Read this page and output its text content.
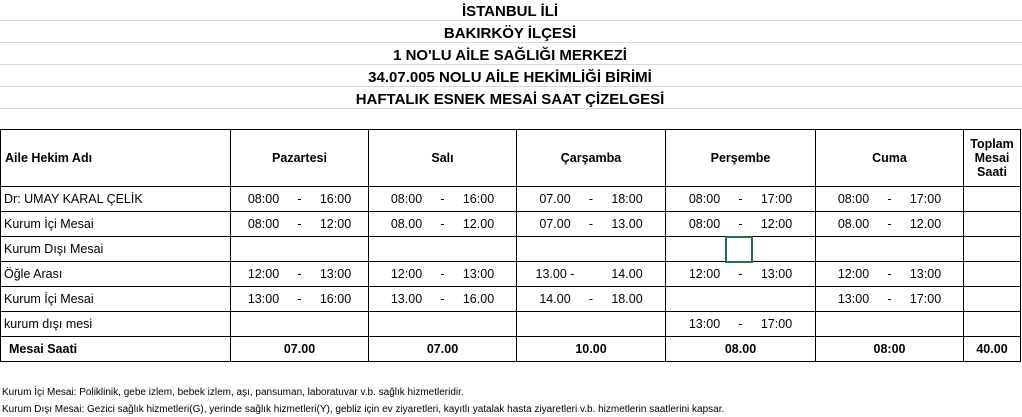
İSTANBUL İLİ
BAKIRKÖY İLÇESİ
1 NO'LU AİLE SAĞLIĞI MERKEZİ
34.07.005 NOLU AİLE HEKİMLİĞİ BİRİMİ
HAFTALIK ESNEK MESAİ SAAT ÇİZELGESİ
Aile Hekim Adı	Pazartesi	Salı	Çarşamba	Perşembe	Cuma	Toplam
Mesai
Saati

Dr: UMAY KARAL ÇELİK	08:00 - 16:00	08:00 - 16:00	07.00 - 18:00	08:00 - 17:00	08:00 - 17:00	

Kurum İçi Mesai	08:00 - 12:00	08.00 - 12.00	07.00 - 13.00	08:00 - 12:00	08.00 - 12.00	

Kurum Dışı Mesai	

Öğle Arası	12:00 - 13:00	12:00 - 13:00	13.00 - 14.00	12:00 - 13:00	12:00 - 13:00	

Kurum İçi Mesai	13:00 - 16:00	13.00 - 16.00	14.00 - 18.00		13:00 - 17:00	

kurum dışı mesi				13:00 - 17:00		

Mesai Saati	07.00	07.00	10.00	08.00	08:00	40.00
Kurum İçi Mesai: Poliklinik, gebe izlem, bebek izlem, aşı, pansuman, laboratuvar v.b. sağlık hizmetleridir.
Kurum Dışı Mesai: Gezici sağlık hizmetleri(G), yerinde sağlık hizmetleri(Y), gebliz için ev ziyaretleri, kayıtlı yatalak hasta ziyaretleri v.b. hizmetlerin saatlerini kapsar.
